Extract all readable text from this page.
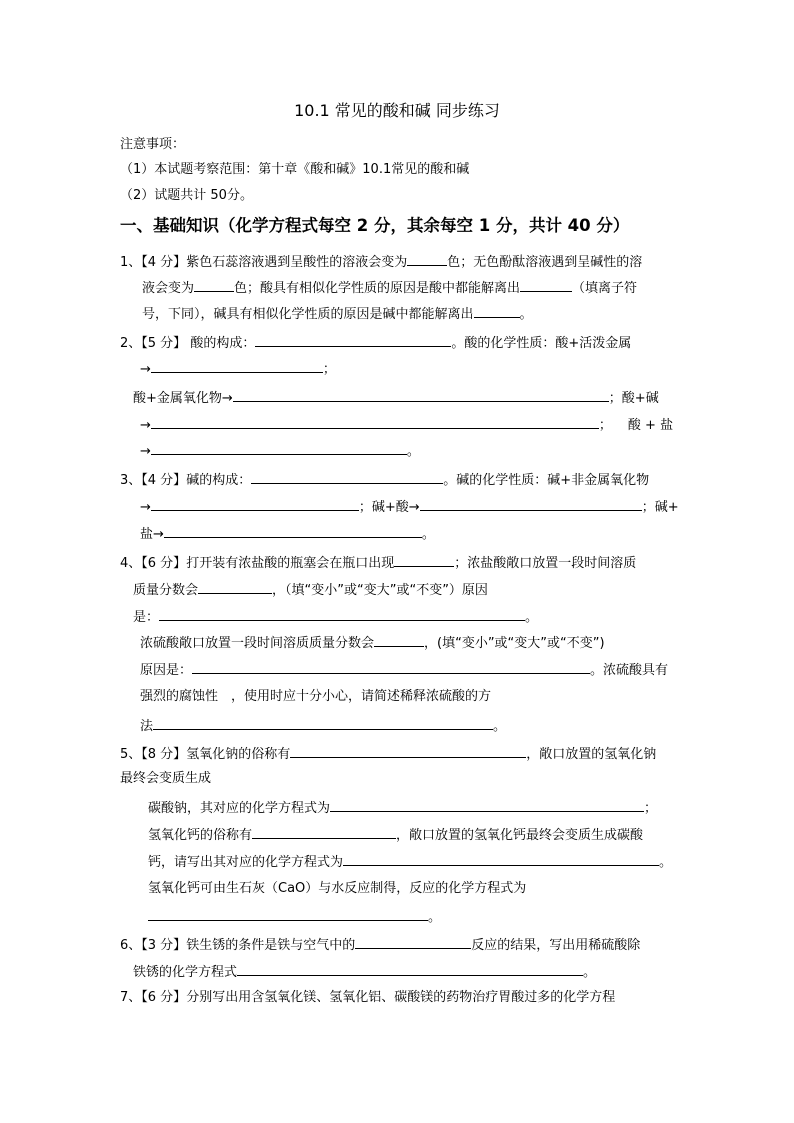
10.1 常见的酸和碱 同步练习
注意事项：
（1）本试题考察范围：第十章《酸和碱》10.1常见的酸和碱
（2）试题共计 50分。
一、基础知识（化学方程式每空 2 分，其余每空 1 分，共计 40 分）
1、【4 分】紫色石蕊溶液遇到呈酸性的溶液会变为	色；无色酚酞溶液遇到呈碱性的溶
液会变为	色；酸具有相似化学性质的原因是酸中都能解离出	（填离子符
号，下同），碱具有相似化学性质的原因是碱中都能解离出	。
2、【5 分】 酸的构成：	。酸的化学性质：酸+活泼金属
→	；
酸+金属氧化物→	；酸+碱
→	； 酸 + 盐
→	。
3、【4 分】碱的构成：	。碱的化学性质：碱+非金属氧化物
→	；碱+酸→	；碱+
盐→	。
4、【6 分】打开装有浓盐酸的瓶塞会在瓶口出现	；浓盐酸敞口放置一段时间溶质
质量分数会	，（填“变小”或“变大”或“不变”）原因
是：	。
浓硫酸敞口放置一段时间溶质质量分数会	，(填“变小”或“变大”或“不变”)
原因是：	。浓硫酸具有
强烈的腐蚀性　，使用时应十分小心，请简述稀释浓硫酸的方
法	。
5、【8 分】氢氧化钠的俗称有	，敞口放置的氢氧化钠
最终会变质生成
碳酸钠，其对应的化学方程式为	；
氢氧化钙的俗称有	，敞口放置的氢氧化钙最终会变质生成碳酸
钙，请写出其对应的化学方程式为	。
氢氧化钙可由生石灰（CaO）与水反应制得，反应的化学方程式为
。
6、【3 分】铁生锈的条件是铁与空气中的	反应的结果，写出用稀硫酸除
铁锈的化学方程式	。
7、【6 分】分别写出用含氢氧化镁、氢氧化铝、碳酸镁的药物治疗胃酸过多的化学方程
